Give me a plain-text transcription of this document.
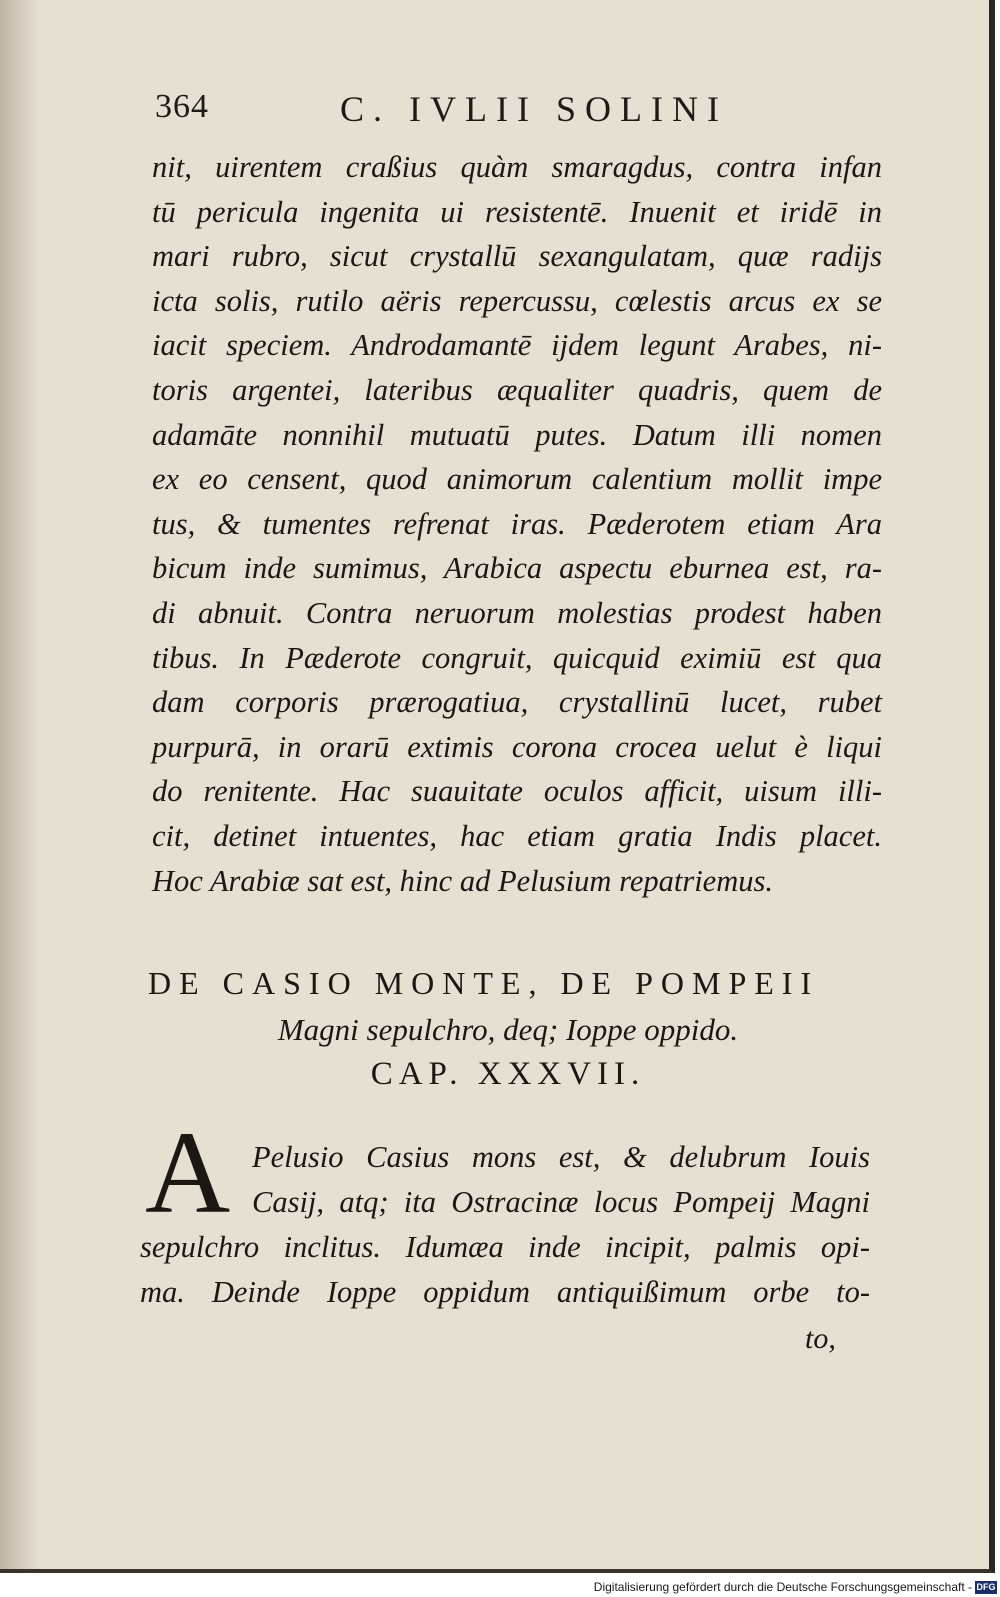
364	C. IVLII SOLINI
nit, uirentem craßius quàm smaragdus, contra infan
tū pericula ingenita ui resistentē. Inuenit et iridē in
mari rubro, sicut crystallū sexangulatam, quæ radijs
icta solis, rutilo aëris repercussu, cœlestis arcus ex se
iacit speciem. Androdamantē ijdem legunt Arabes, ni-
toris argentei, lateribus æqualiter quadris, quem de
adamāte nonnihil mutuatū putes. Datum illi nomen
ex eo censent, quod animorum calentium mollit impe
tus, & tumentes refrenat iras. Pæderotem etiam Ara
bicum inde sumimus, Arabica aspectu eburnea est, ra-
di abnuit. Contra neruorum molestias prodest haben
tibus. In Pæderote congruit, quicquid eximiū est qua
dam corporis prærogatiua, crystallinū lucet, rubet
purpurā, in orarū extimis corona crocea uelut è liqui
do renitente. Hac suauitate oculos afficit, uisum illi-
cit, detinet intuentes, hac etiam gratia Indis placet.
Hoc Arabiæ sat est, hinc ad Pelusium repatriemus.
DE CASIO MONTE, DE POMPEII
Magni sepulchro, deq; Ioppe oppido.
CAP. XXXVII.
A Pelusio Casius mons est, & delubrum Iouis
Casij, atq; ita Ostracinæ locus Pompeij Magni
sepulchro inclitus. Idumæa inde incipit, palmis opi-
ma. Deinde Ioppe oppidum antiquißimum orbe to-
to,
Digitalisierung gefördert durch die Deutsche Forschungsgemeinschaft - DFG
